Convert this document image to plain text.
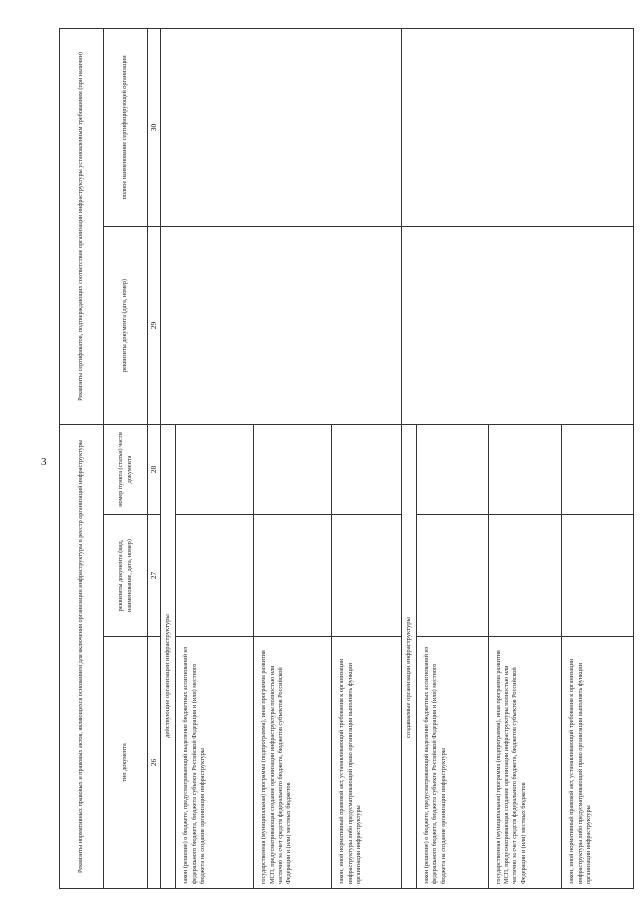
3	Реквизиты нормативных правовых и правовых актов, являющихся основанием для включения организации инфраструктуры в реестр организаций инфраструктуры			Реквизиты сертификатов, подтверждающих соответствие организации инфраструктуры установленным требованиям (при наличии)	
тип документа	реквизиты документа (вид, наименование, дата, номер)	номер пункта (статьи) части документа	реквизиты документа (дата, номер)	полное наименование сертифицирующей организации
26	27	28	29	30
действующие организации инфраструктуры				
закон (решение) о бюджете, предусматривающий выделение бюджетных ассигнований из федерального бюджета, бюджета субъекта Российской Федерации и (или) местного бюджета на создание организации инфраструктуры				
государственная (муниципальная) программа (подпрограмма), иная программа развития МСП, предусматривающая создание организации инфраструктуры полностью или частично за счет средств федерального бюджета, бюджетов субъектов Российской Федерации и (или) местных бюджетов				
закон, иной нормативный правовой акт, устанавливающий требования к организации инфраструктуры либо предусматривающий право организации выполнять функции организации инфраструктуры				
создаваемые организации инфраструктуры				
закон (решение) о бюджете, предусматривающий выделение бюджетных ассигнований из федерального бюджета, бюджета субъекта Российской Федерации и (или) местного бюджета на создание организации инфраструктуры				
государственная (муниципальная) программа (подпрограмма), иная программа развития МСП, предусматривающая создание организации инфраструктуры полностью или частично за счет средств федерального бюджета, бюджетов субъектов Российской Федерации и (или) местных бюджетов				
закон, иной нормативный правовой акт, устанавливающий требования к организации инфраструктуры либо предусматривающий право организации выполнять функции организации инфраструктуры				
